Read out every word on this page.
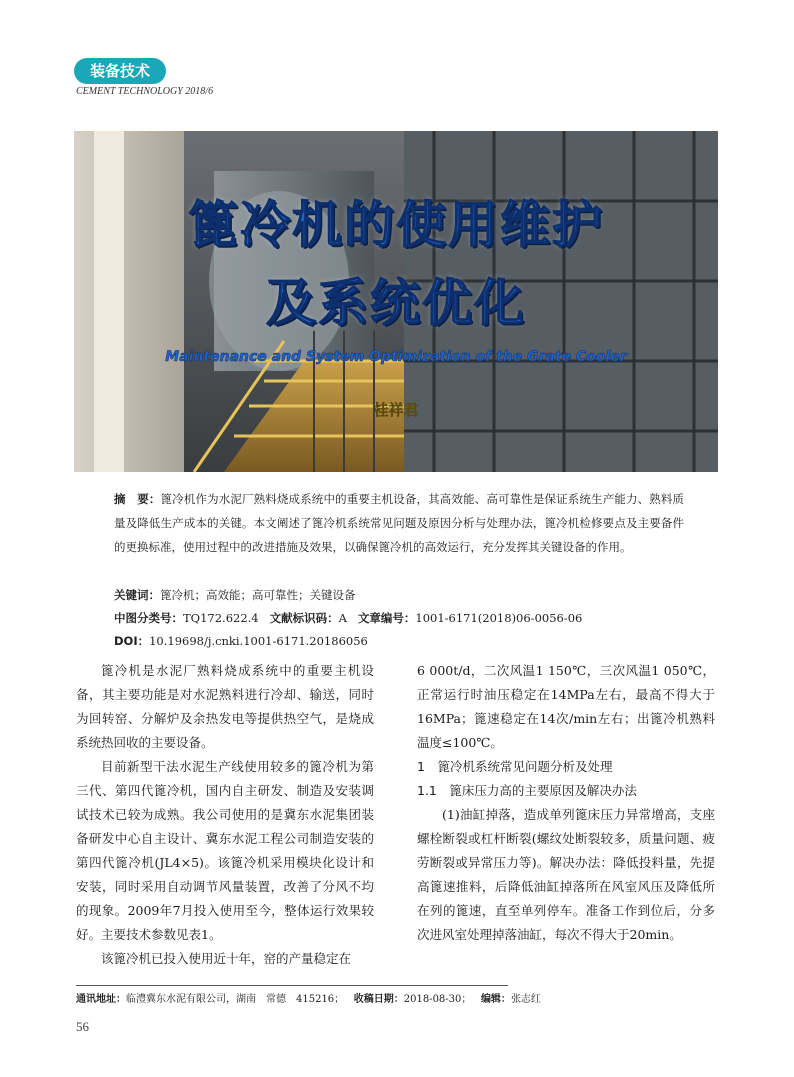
装备技术
CEMENT TECHNOLOGY 2018/6
篦冷机的使用维护
及系统优化
Maintenance and System Optimization of the Grate Cooler
桂祥君
摘　要：篦冷机作为水泥厂熟料烧成系统中的重要主机设备，其高效能、高可靠性是保证系统生产能力、熟料质量及降低生产成本的关键。本文阐述了篦冷机系统常见问题及原因分析与处理办法，篦冷机检修要点及主要备件的更换标准，使用过程中的改进措施及效果，以确保篦冷机的高效运行，充分发挥其关键设备的作用。
关键词：篦冷机；高效能；高可靠性；关键设备
中图分类号：TQ172.622.4 文献标识码：A 文章编号：1001-6171(2018)06-0056-06
DOI：10.19698/j.cnki.1001-6171.20186056

篦冷机是水泥厂熟料烧成系统中的重要主机设备，其主要功能是对水泥熟料进行冷却、输送，同时为回转窑、分解炉及余热发电等提供热空气，是烧成系统热回收的主要设备。

目前新型干法水泥生产线使用较多的篦冷机为第三代、第四代篦冷机，国内自主研发、制造及安装调试技术已较为成熟。我公司使用的是冀东水泥集团装备研发中心自主设计、冀东水泥工程公司制造安装的第四代篦冷机(JL4×5)。该篦冷机采用模块化设计和安装，同时采用自动调节风量装置，改善了分风不均的现象。2009年7月投入使用至今，整体运行效果较好。主要技术参数见表1。

该篦冷机已投入使用近十年，窑的产量稳定在

6 000t/d，二次风温1 150℃，三次风温1 050℃，正常运行时油压稳定在14MPa左右，最高不得大于16MPa；篦速稳定在14次/min左右；出篦冷机熟料温度≤100℃。

1　篦冷机系统常见问题分析及处理

1.1　篦床压力高的主要原因及解决办法

(1)油缸掉落，造成单列篦床压力异常增高，支座螺栓断裂或杠杆断裂(螺纹处断裂较多，质量问题、疲劳断裂或异常压力等)。解决办法：降低投料量，先提高篦速推料，后降低油缸掉落所在风室风压及降低所在列的篦速，直至单列停车。准备工作到位后，分多次进风室处理掉落油缸，每次不得大于20min。

通讯地址：临澧冀东水泥有限公司，湖南　常德　415216； 收稿日期：2018-08-30； 编辑：张志红
56
